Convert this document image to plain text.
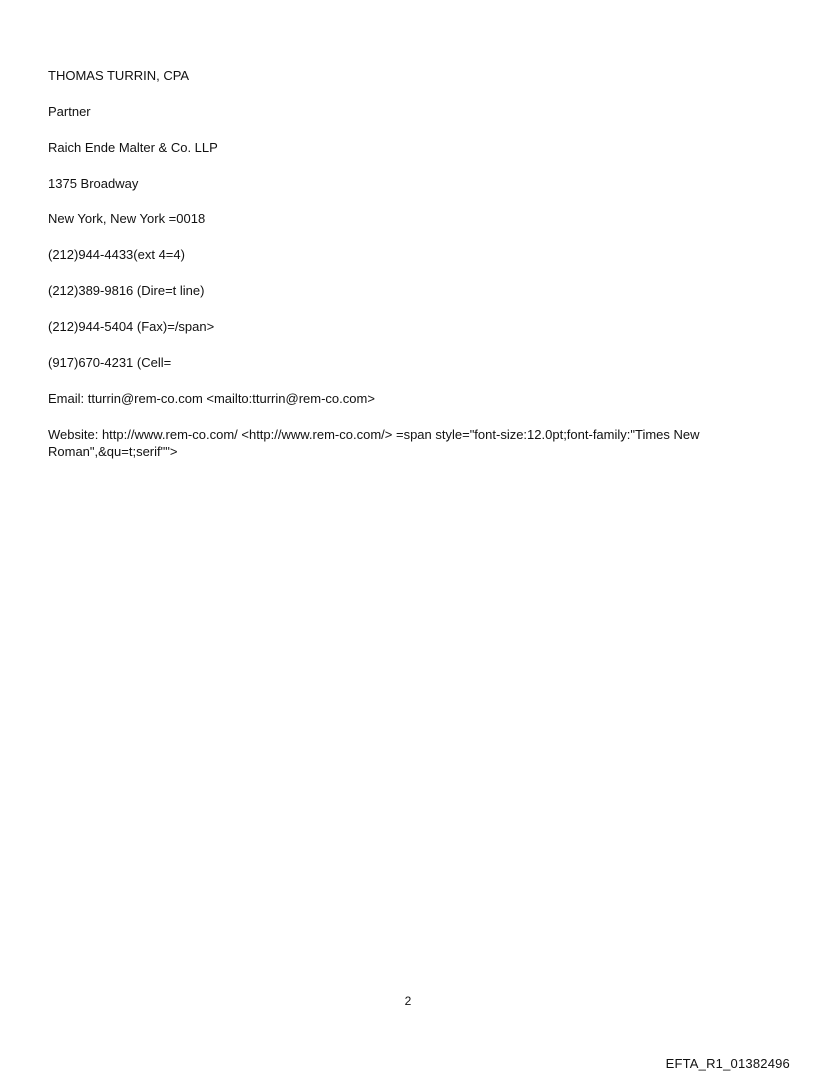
THOMAS TURRIN, CPA
Partner
Raich Ende Malter & Co. LLP
1375 Broadway
New York, New York =0018
(212)944-4433(ext 4=4)
(212)389-9816 (Dire=t line)
(212)944-5404 (Fax)=/span>
(917)670-4231 (Cell=
Email: tturrin@rem-co.com <mailto:tturrin@rem-co.com>
Website: http://www.rem-co.com/ <http://www.rem-co.com/> =span style="font-size:12.0pt;font-family:"Times New
Roman",&qu=t;serif"">
2
EFTA_R1_01382496
